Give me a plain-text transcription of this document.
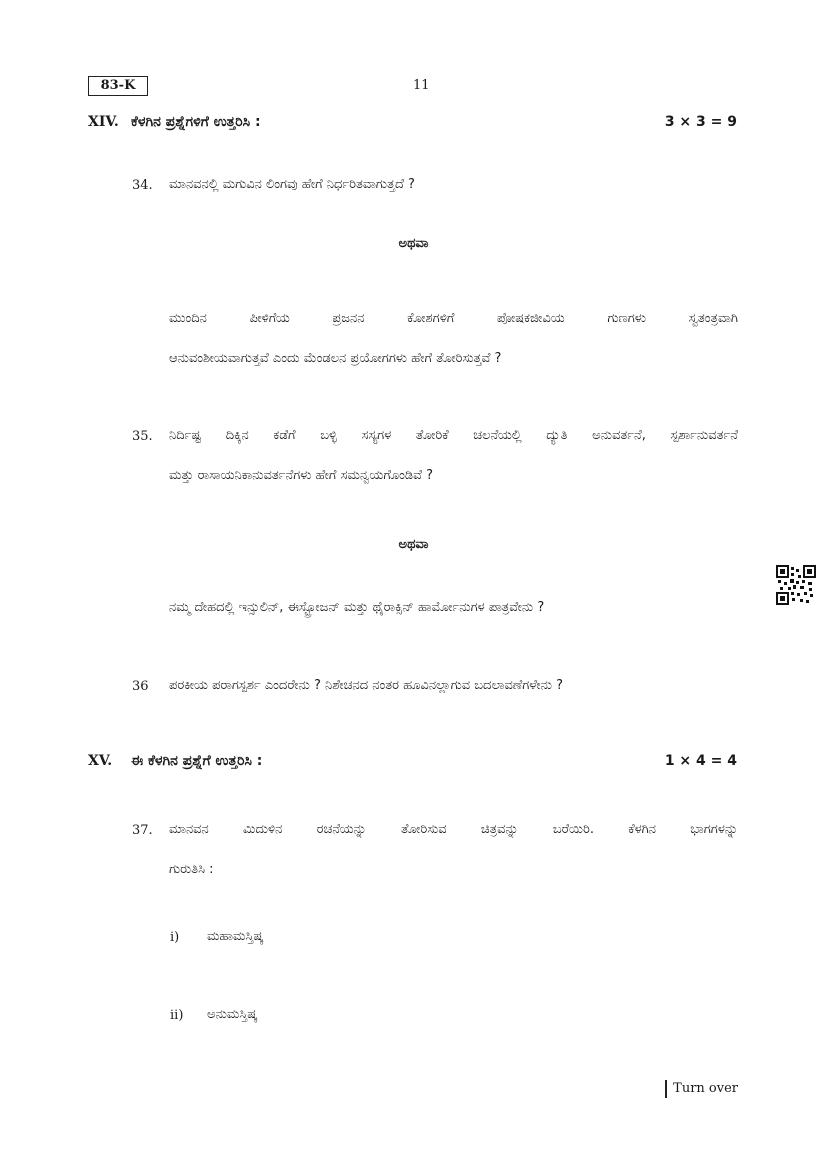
83-K	11
XIV. ಕೆಳಗಿನ ಪ್ರಶ್ನೆಗಳಿಗೆ ಉತ್ತರಿಸಿ :	3 × 3 = 9
34. ಮಾನವನಲ್ಲಿ ಮಗುವಿನ ಲಿಂಗವು ಹೇಗೆ ನಿರ್ಧರಿತವಾಗುತ್ತದೆ ?
ಅಥವಾ
ಮುಂದಿನ ಪೀಳಿಗೆಯ ಪ್ರಜನನ ಕೋಶಗಳಿಗೆ ಪೋಷಕಜೀವಿಯ ಗುಣಗಳು ಸ್ವತಂತ್ರವಾಗಿ
ಆನುವಂಶೀಯವಾಗುತ್ತವೆ ಎಂದು ಮೆಂಡಲನ ಪ್ರಯೋಗಗಳು ಹೇಗೆ ತೋರಿಸುತ್ತವೆ ?
35. ನಿರ್ದಿಷ್ಟ ದಿಕ್ಕಿನ ಕಡೆಗೆ ಬಳ್ಳಿ ಸಸ್ಯಗಳ ತೋರಿಕೆ ಚಲನೆಯಲ್ಲಿ ದ್ಯುತಿ ಅನುವರ್ತನೆ, ಸ್ಪರ್ಶಾನುವರ್ತನೆ
ಮತ್ತು ರಾಸಾಯನಿಕಾನುವರ್ತನೆಗಳು ಹೇಗೆ ಸಮನ್ವಯಗೊಂಡಿವೆ ?
ಅಥವಾ
ನಮ್ಮ ದೇಹದಲ್ಲಿ ಇನ್ಸುಲಿನ್, ಈಸ್ಟ್ರೋಜನ್ ಮತ್ತು ಥೈರಾಕ್ಸಿನ್ ಹಾರ್ಮೋನುಗಳ ಪಾತ್ರವೇನು ?
36 ಪರಕೀಯ ಪರಾಗಸ್ಪರ್ಶ ಎಂದರೇನು ? ನಿಶೇಚನದ ನಂತರ ಹೂವಿನಲ್ಲಾಗುವ ಬದಲಾವಣೆಗಳೇನು ?
XV. ಈ ಕೆಳಗಿನ ಪ್ರಶ್ನೆಗೆ ಉತ್ತರಿಸಿ :	1 × 4 = 4
37. ಮಾನವನ ಮಿದುಳಿನ ರಚನೆಯನ್ನು ತೋರಿಸುವ ಚಿತ್ರವನ್ನು ಬರೆಯಿರಿ. ಕೆಳಗಿನ ಭಾಗಗಳನ್ನು
ಗುರುತಿಸಿ :
i) ಮಹಾಮಸ್ತಿಷ್ಕ
ii) ಅನುಮಸ್ತಿಷ್ಕ
Turn over
